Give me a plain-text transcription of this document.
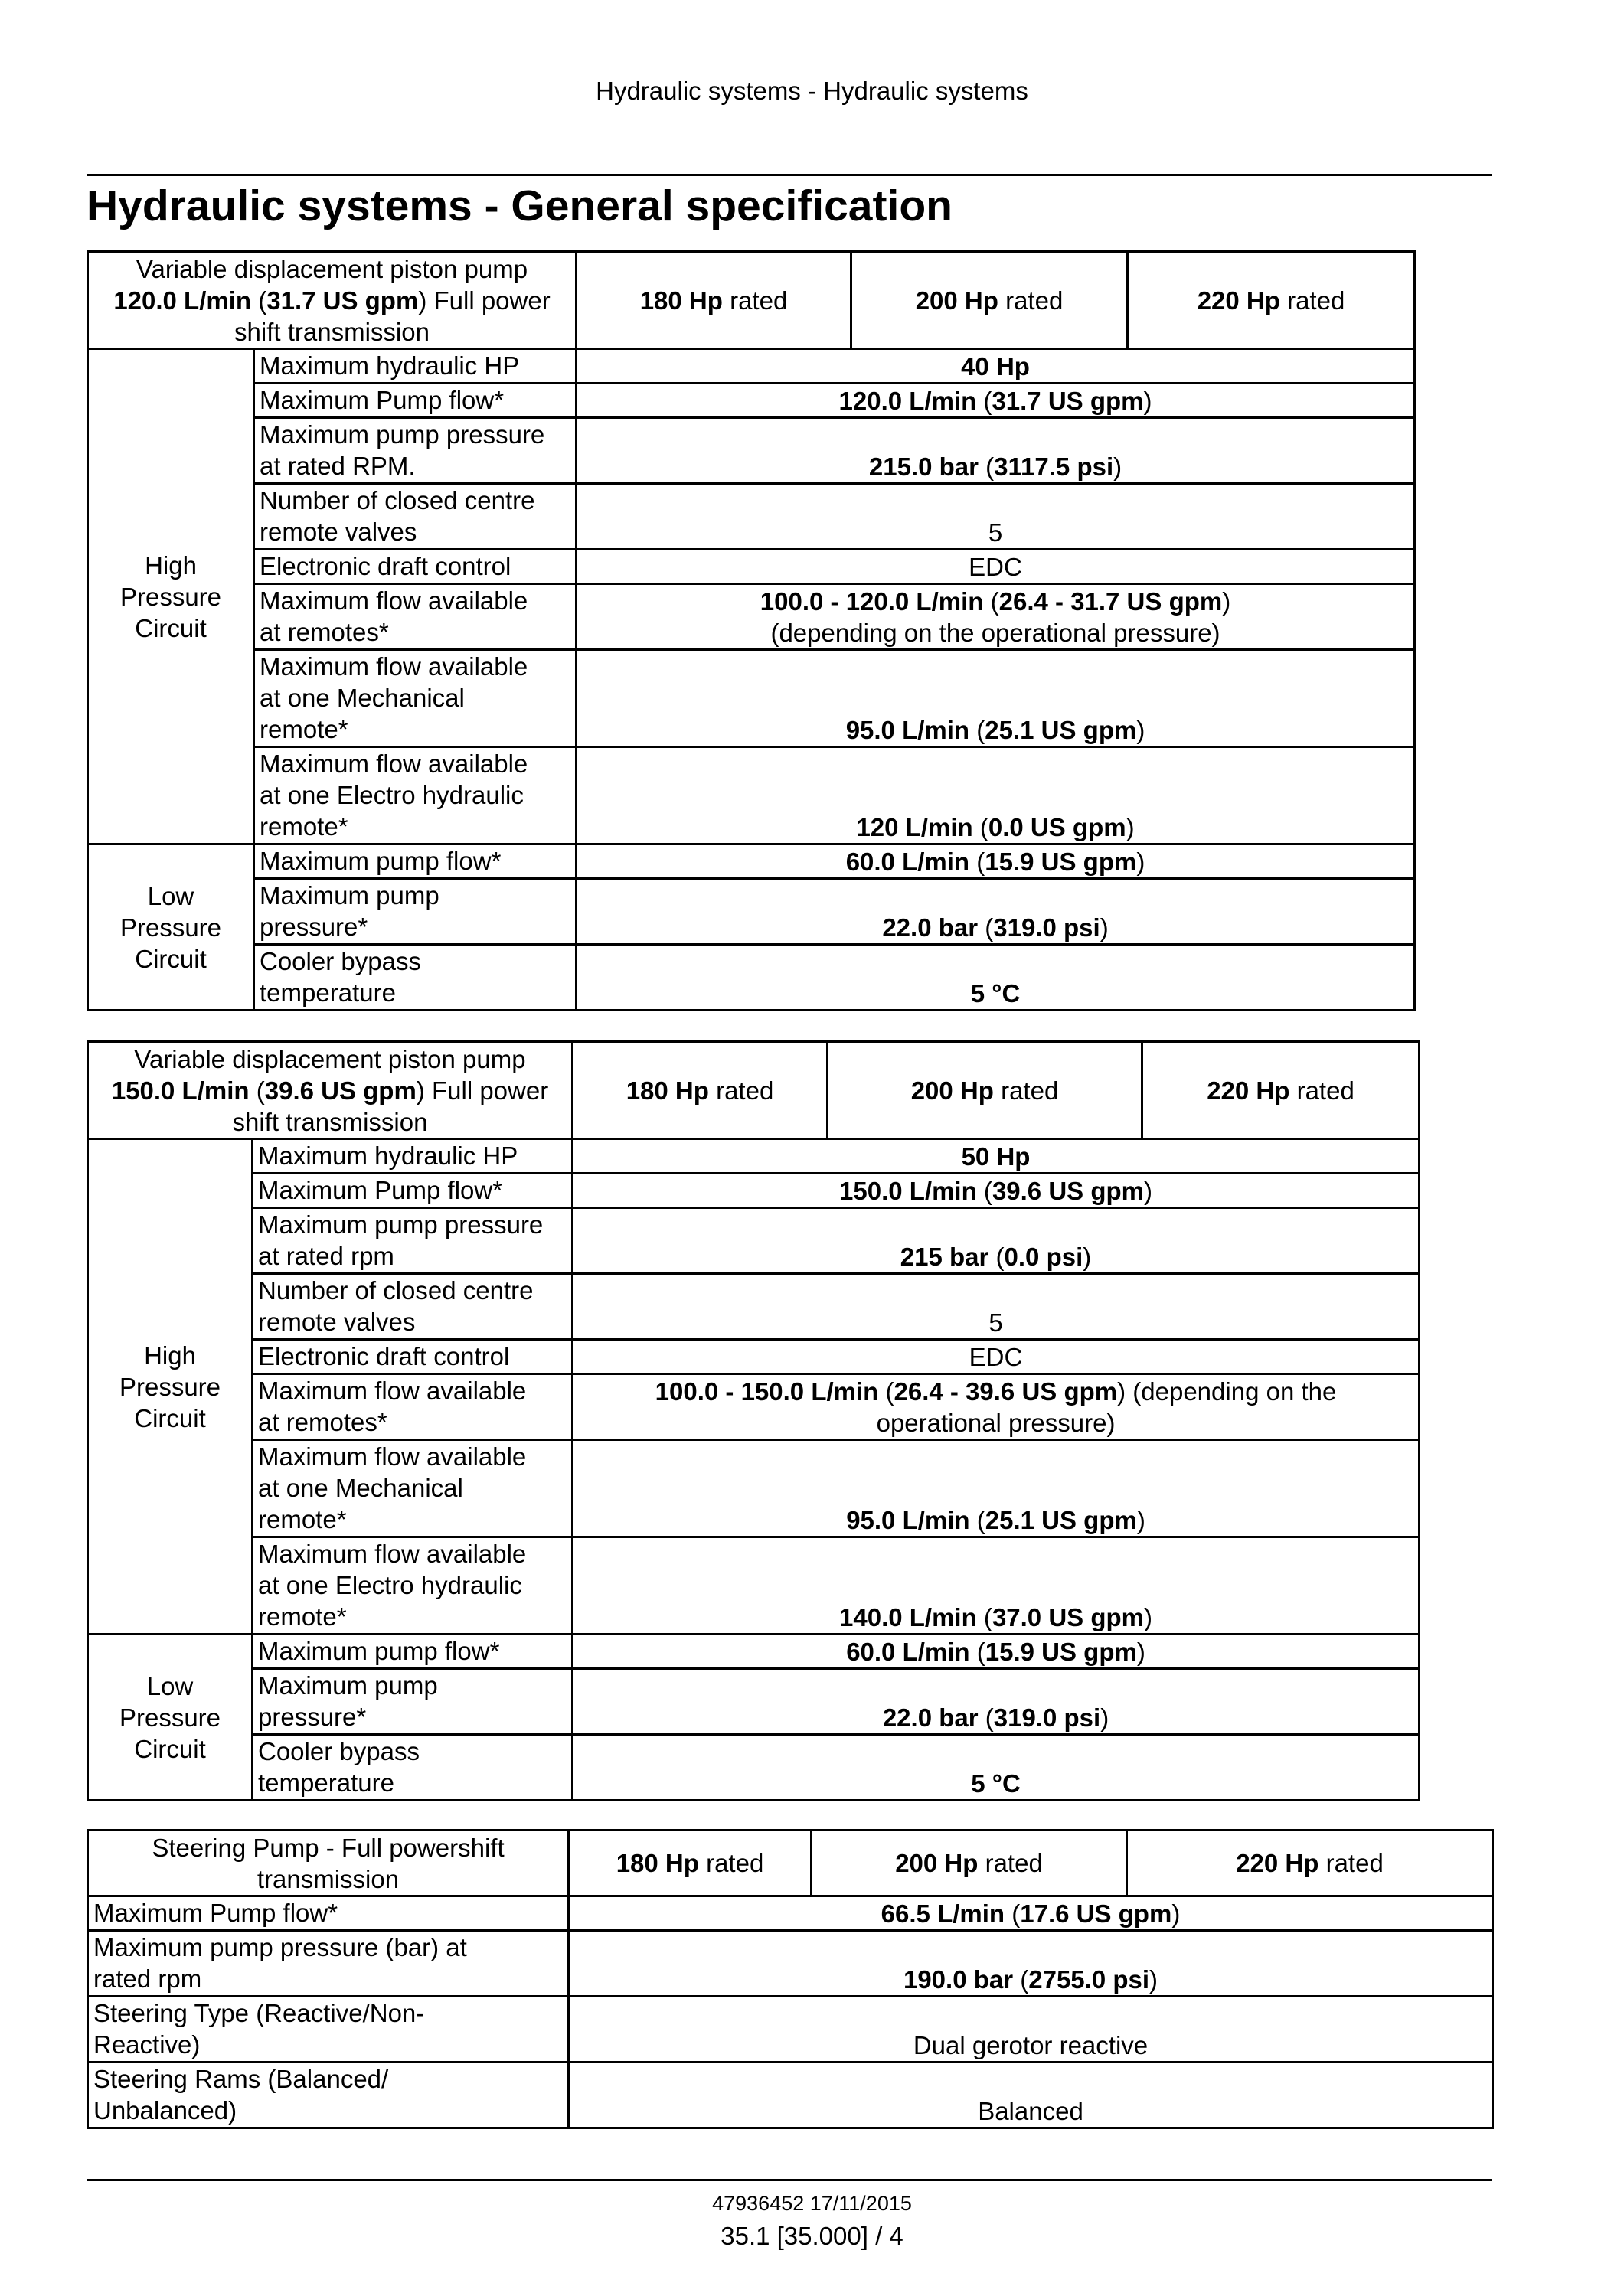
Hydraulic systems - Hydraulic systems
Hydraulic systems - General specification
Variable displacement piston pump
120.0 L/min (31.7 US gpm) Full power
shift transmission		180 Hp rated	200 Hp rated	220 Hp rated
High
Pressure
Circuit	Maximum hydraulic HP	40 Hp		
	Maximum Pump flow*	120.0 L/min (31.7 US gpm)		
	Maximum pump pressure
at rated RPM.	215.0 bar (3117.5 psi)		
	Number of closed centre
remote valves	5		
	Electronic draft control	EDC		
	Maximum flow available
at remotes*	100.0 - 120.0 L/min (26.4 - 31.7 US gpm)
(depending on the operational pressure)		
	Maximum flow available
at one Mechanical
remote*	95.0 L/min (25.1 US gpm)		
	Maximum flow available
at one Electro hydraulic
remote*	120 L/min (0.0 US gpm)		
Low
Pressure
Circuit	Maximum pump flow*	60.0 L/min (15.9 US gpm)		
	Maximum pump
pressure*	22.0 bar (319.0 psi)		
	Cooler bypass
temperature	5 °C		
Variable displacement piston pump
150.0 L/min (39.6 US gpm) Full power
shift transmission		180 Hp rated	200 Hp rated	220 Hp rated
High
Pressure
Circuit	Maximum hydraulic HP	50 Hp		
	Maximum Pump flow*	150.0 L/min (39.6 US gpm)		
	Maximum pump pressure
at rated rpm	215 bar (0.0 psi)		
	Number of closed centre
remote valves	5		
	Electronic draft control	EDC		
	Maximum flow available
at remotes*	100.0 - 150.0 L/min (26.4 - 39.6 US gpm) (depending on the
operational pressure)		
	Maximum flow available
at one Mechanical
remote*	95.0 L/min (25.1 US gpm)		
	Maximum flow available
at one Electro hydraulic
remote*	140.0 L/min (37.0 US gpm)		
Low
Pressure
Circuit	Maximum pump flow*	60.0 L/min (15.9 US gpm)		
	Maximum pump
pressure*	22.0 bar (319.0 psi)		
	Cooler bypass
temperature	5 °C		
Steering Pump - Full powershift
transmission	180 Hp rated	200 Hp rated	220 Hp rated
Maximum Pump flow*	66.5 L/min (17.6 US gpm)		
Maximum pump pressure (bar) at
rated rpm	190.0 bar (2755.0 psi)		
Steering Type (Reactive/Non-
Reactive)	Dual gerotor reactive		
Steering Rams (Balanced/
Unbalanced)	Balanced		
47936452 17/11/2015
35.1 [35.000] / 4
